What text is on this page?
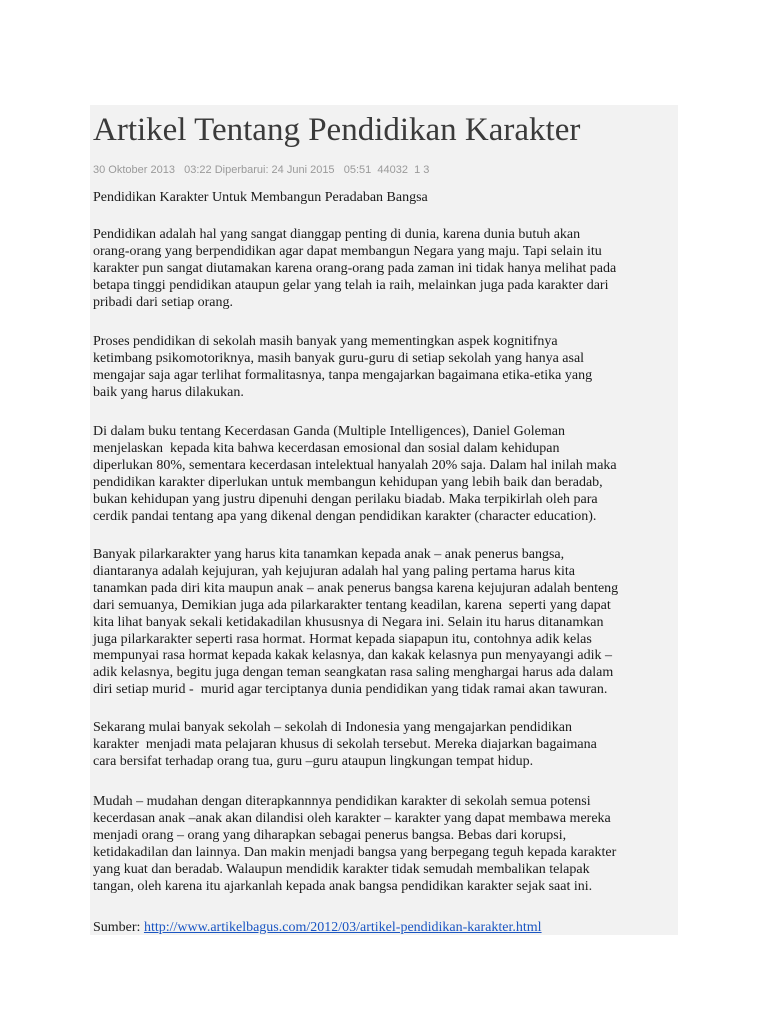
Artikel Tentang Pendidikan Karakter
30 Oktober 2013   03:22 Diperbarui: 24 Juni 2015   05:51  44032  1 3
Pendidikan Karakter Untuk Membangun Peradaban Bangsa
Pendidikan adalah hal yang sangat dianggap penting di dunia, karena dunia butuh akan
orang-orang yang berpendidikan agar dapat membangun Negara yang maju. Tapi selain itu
karakter pun sangat diutamakan karena orang-orang pada zaman ini tidak hanya melihat pada
betapa tinggi pendidikan ataupun gelar yang telah ia raih, melainkan juga pada karakter dari
pribadi dari setiap orang.
Proses pendidikan di sekolah masih banyak yang mementingkan aspek kognitifnya
ketimbang psikomotoriknya, masih banyak guru-guru di setiap sekolah yang hanya asal
mengajar saja agar terlihat formalitasnya, tanpa mengajarkan bagaimana etika-etika yang
baik yang harus dilakukan.
Di dalam buku tentang Kecerdasan Ganda (Multiple Intelligences), Daniel Goleman
menjelaskan  kepada kita bahwa kecerdasan emosional dan sosial dalam kehidupan
diperlukan 80%, sementara kecerdasan intelektual hanyalah 20% saja. Dalam hal inilah maka
pendidikan karakter diperlukan untuk membangun kehidupan yang lebih baik dan beradab,
bukan kehidupan yang justru dipenuhi dengan perilaku biadab. Maka terpikirlah oleh para
cerdik pandai tentang apa yang dikenal dengan pendidikan karakter (character education).
Banyak pilarkarakter yang harus kita tanamkan kepada anak – anak penerus bangsa,
diantaranya adalah kejujuran, yah kejujuran adalah hal yang paling pertama harus kita
tanamkan pada diri kita maupun anak – anak penerus bangsa karena kejujuran adalah benteng
dari semuanya, Demikian juga ada pilarkarakter tentang keadilan, karena  seperti yang dapat
kita lihat banyak sekali ketidakadilan khususnya di Negara ini. Selain itu harus ditanamkan
juga pilarkarakter seperti rasa hormat. Hormat kepada siapapun itu, contohnya adik kelas
mempunyai rasa hormat kepada kakak kelasnya, dan kakak kelasnya pun menyayangi adik –
adik kelasnya, begitu juga dengan teman seangkatan rasa saling menghargai harus ada dalam
diri setiap murid -  murid agar terciptanya dunia pendidikan yang tidak ramai akan tawuran.
Sekarang mulai banyak sekolah – sekolah di Indonesia yang mengajarkan pendidikan
karakter  menjadi mata pelajaran khusus di sekolah tersebut. Mereka diajarkan bagaimana
cara bersifat terhadap orang tua, guru –guru ataupun lingkungan tempat hidup.
Mudah – mudahan dengan diterapkannnya pendidikan karakter di sekolah semua potensi
kecerdasan anak –anak akan dilandisi oleh karakter – karakter yang dapat membawa mereka
menjadi orang – orang yang diharapkan sebagai penerus bangsa. Bebas dari korupsi,
ketidakadilan dan lainnya. Dan makin menjadi bangsa yang berpegang teguh kepada karakter
yang kuat dan beradab. Walaupun mendidik karakter tidak semudah membalikan telapak
tangan, oleh karena itu ajarkanlah kepada anak bangsa pendidikan karakter sejak saat ini.
Sumber: http://www.artikelbagus.com/2012/03/artikel-pendidikan-karakter.html
